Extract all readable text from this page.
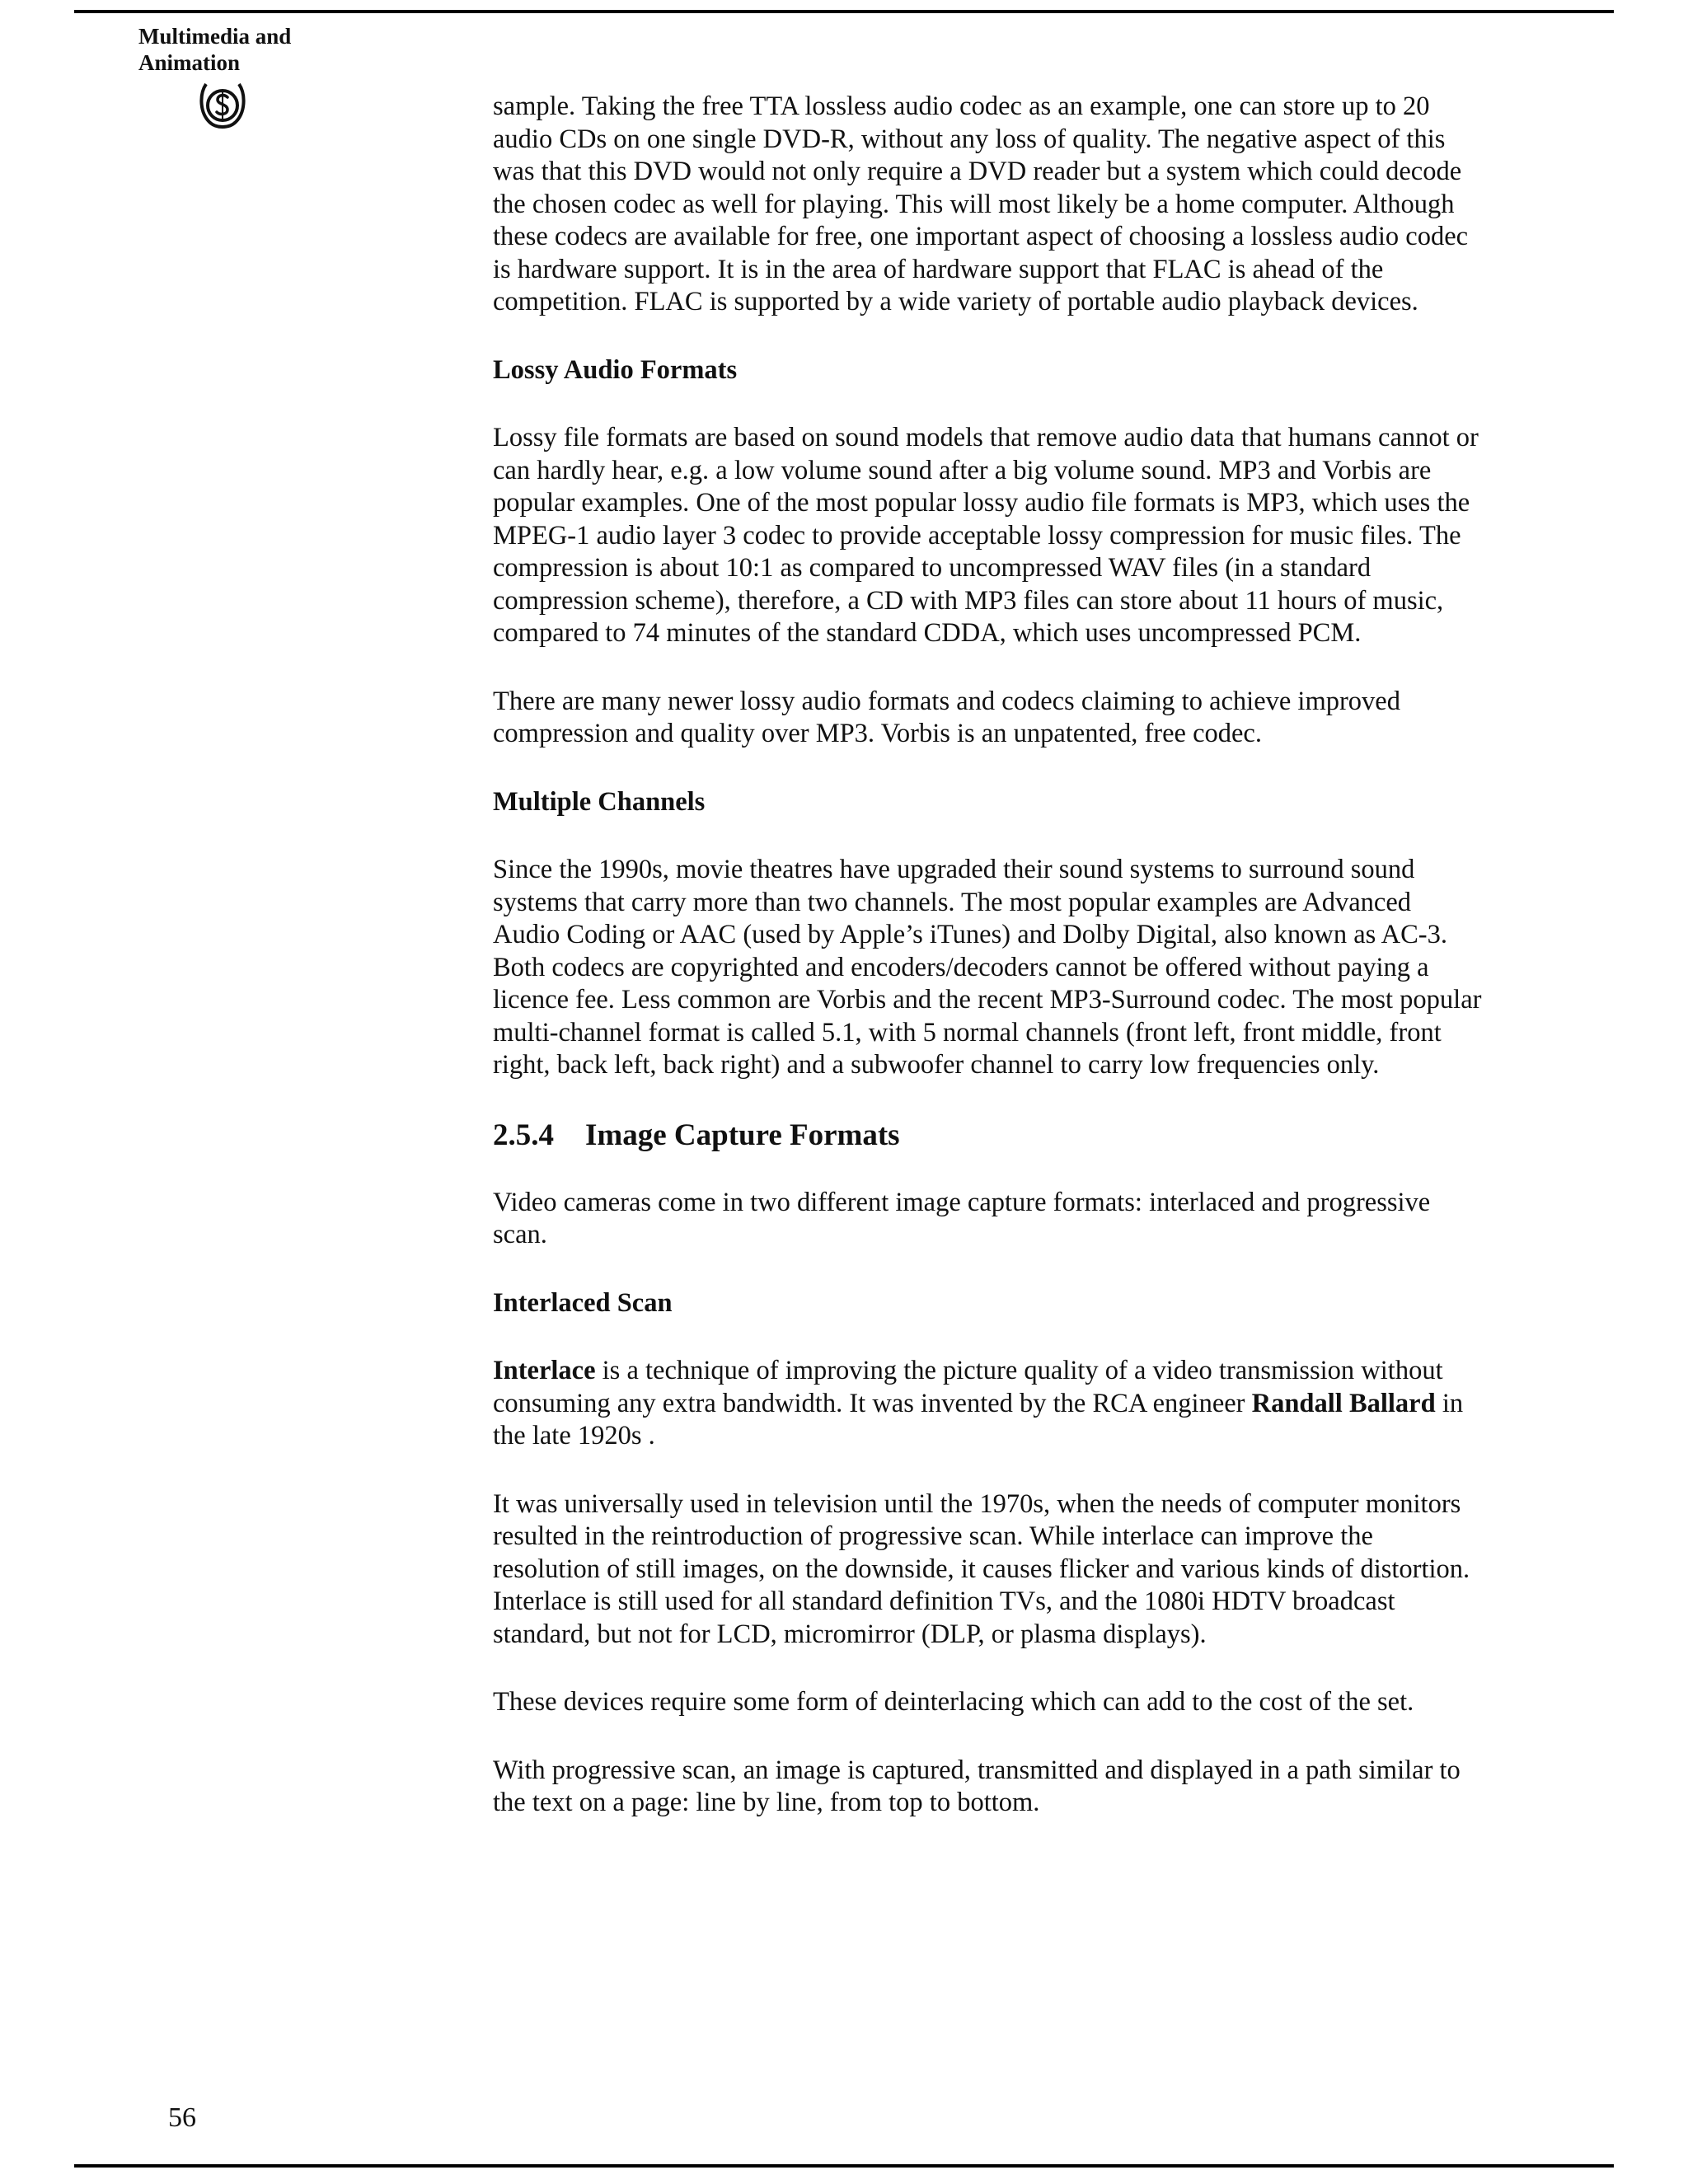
Multimedia and
Animation

sample. Taking the free TTA lossless audio codec as an example, one can store up to 20 audio CDs on one single DVD-R, without any loss of quality. The negative aspect of this was that this DVD would not only require a DVD reader but a system which could decode the chosen codec as well for playing. This will most likely be a home computer. Although these codecs are available for free, one important aspect of choosing a lossless audio codec is hardware support. It is in the area of hardware support that FLAC is ahead of the competition. FLAC is supported by a wide variety of portable audio playback devices.

Lossy Audio Formats

Lossy file formats are based on sound models that remove audio data that humans cannot or can hardly hear, e.g. a low volume sound after a big volume sound. MP3 and Vorbis are popular examples. One of the most popular lossy audio file formats is MP3, which uses the MPEG-1 audio layer 3 codec to provide acceptable lossy compression for music files. The compression is about 10:1 as compared to uncompressed WAV files (in a standard compression scheme), therefore, a CD with MP3 files can store about 11 hours of music, compared to 74 minutes of the standard CDDA, which uses uncompressed PCM.

There are many newer lossy audio formats and codecs claiming to achieve improved compression and quality over MP3. Vorbis is an unpatented, free codec.

Multiple Channels

Since the 1990s, movie theatres have upgraded their sound systems to surround sound systems that carry more than two channels. The most popular examples are Advanced Audio Coding or AAC (used by Apple’s iTunes) and Dolby Digital, also known as AC-3. Both codecs are copyrighted and encoders/decoders cannot be offered without paying a licence fee. Less common are Vorbis and the recent MP3-Surround codec. The most popular multi-channel format is called 5.1, with 5 normal channels (front left, front middle, front right, back left, back right) and a subwoofer channel to carry low frequencies only.

2.5.4 Image Capture Formats

Video cameras come in two different image capture formats: interlaced and progressive scan.

Interlaced Scan

Interlace is a technique of improving the picture quality of a video transmission without consuming any extra bandwidth. It was invented by the RCA engineer Randall Ballard in the late 1920s .

It was universally used in television until the 1970s, when the needs of computer monitors resulted in the reintroduction of progressive scan. While interlace can improve the resolution of still images, on the downside, it causes flicker and various kinds of distortion. Interlace is still used for all standard definition TVs, and the 1080i HDTV broadcast standard, but not for LCD, micromirror (DLP, or plasma displays).

These devices require some form of deinterlacing which can add to the cost of the set.

With progressive scan, an image is captured, transmitted and displayed in a path similar to the text on a page: line by line, from top to bottom.

56
